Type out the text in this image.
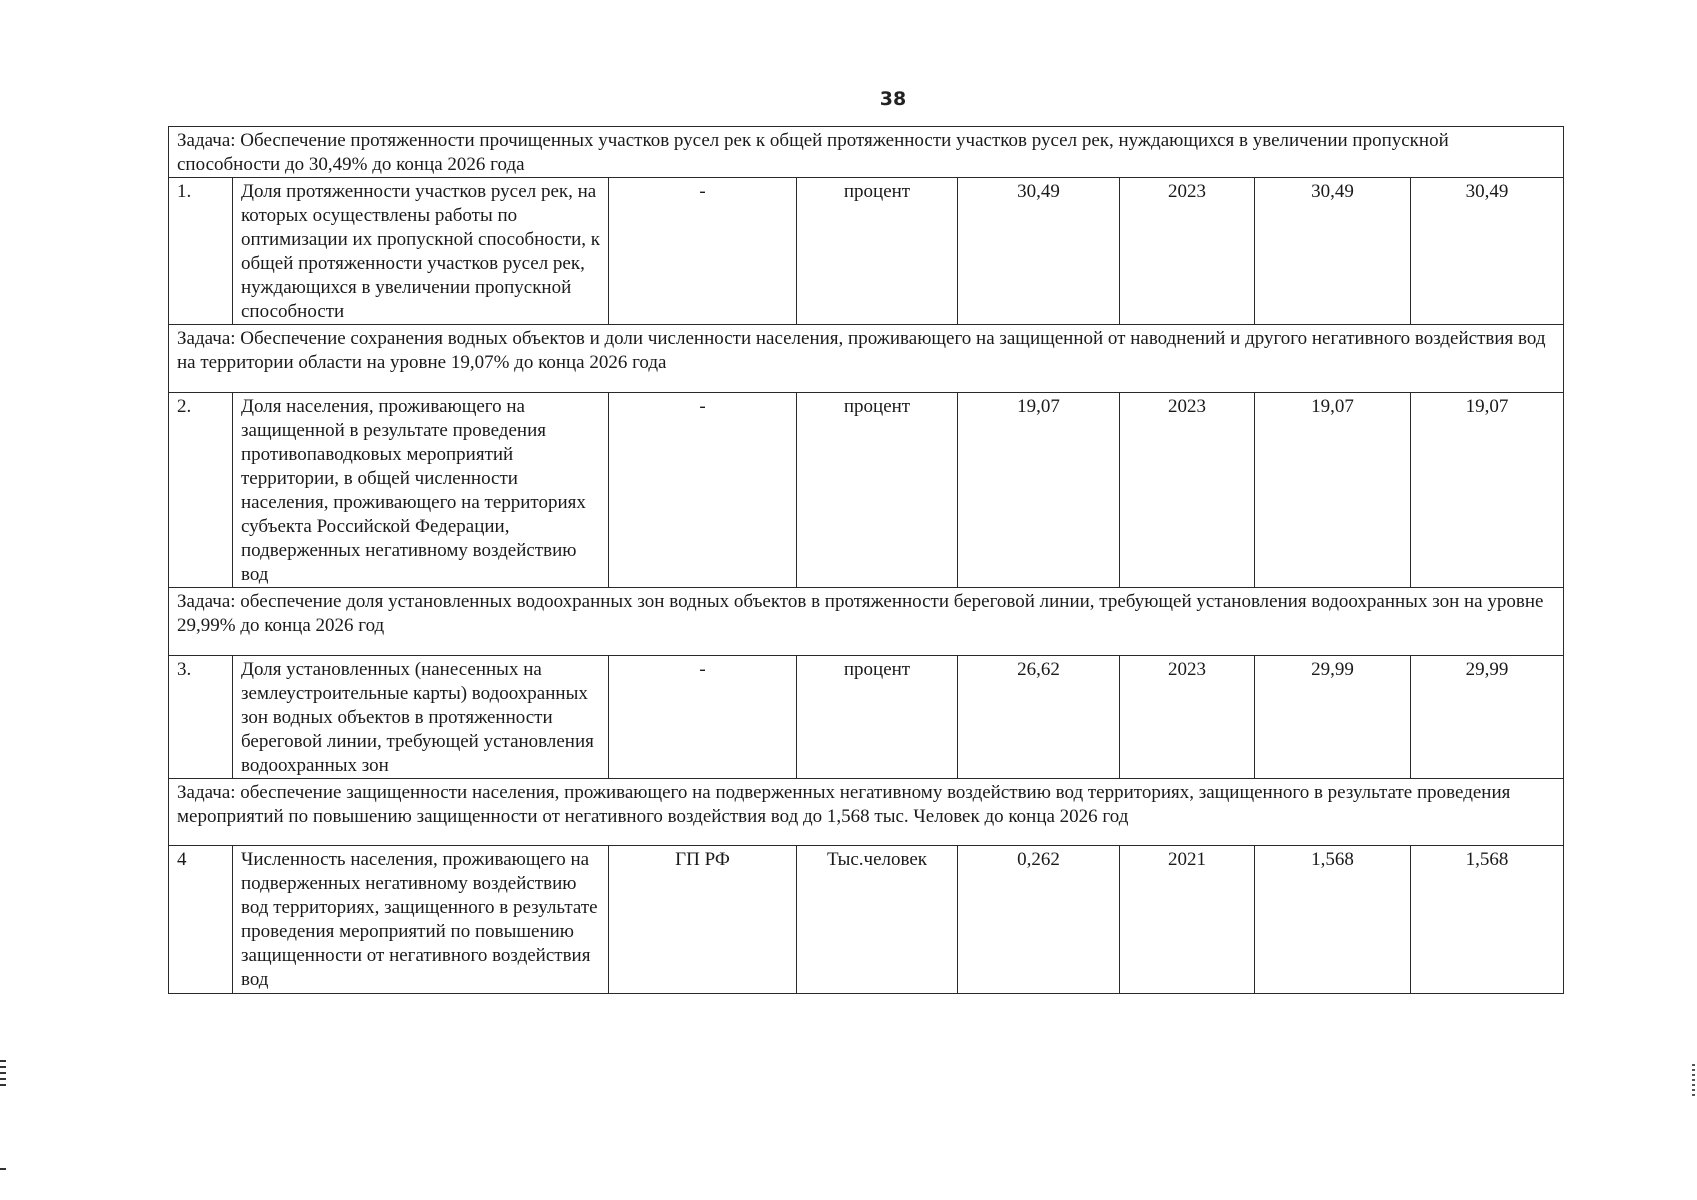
38
Задача: Обеспечение протяженности прочищенных участков русел рек к общей протяженности участков русел рек, нуждающихся в увеличении пропускной способности до 30,49% до конца 2026 года							
1.	Доля протяженности участков русел рек, на которых осуществлены работы по оптимизации их пропускной способности, к общей протяженности участков русел рек, нуждающихся в увеличении пропускной способности	-	процент	30,49	2023	30,49	30,49
Задача: Обеспечение сохранения водных объектов и доли численности населения, проживающего на защищенной от наводнений и другого негативного воздействия вод на территории области на уровне 19,07% до конца 2026 года							
2.	Доля населения, проживающего на защищенной в результате проведения противопаводковых мероприятий территории, в общей численности населения, проживающего на территориях субъекта Российской Федерации, подверженных негативному воздействию вод	-	процент	19,07	2023	19,07	19,07
Задача: обеспечение доля установленных водоохранных зон водных объектов в протяженности береговой линии, требующей установления водоохранных зон на уровне 29,99% до конца 2026 год							
3.	Доля установленных (нанесенных на землеустроительные карты) водоохранных зон водных объектов в протяженности береговой линии, требующей установления водоохранных зон	-	процент	26,62	2023	29,99	29,99
Задача: обеспечение защищенности населения, проживающего на подверженных негативному воздействию вод территориях, защищенного в результате проведения мероприятий по повышению защищенности от негативного воздействия вод до 1,568 тыс. Человек до конца 2026 год							
4	Численность населения, проживающего на подверженных негативному воздействию вод территориях, защищенного в результате проведения мероприятий по повышению защищенности от негативного воздействия вод	ГП РФ	Тыс.человек	0,262	2021	1,568	1,568
